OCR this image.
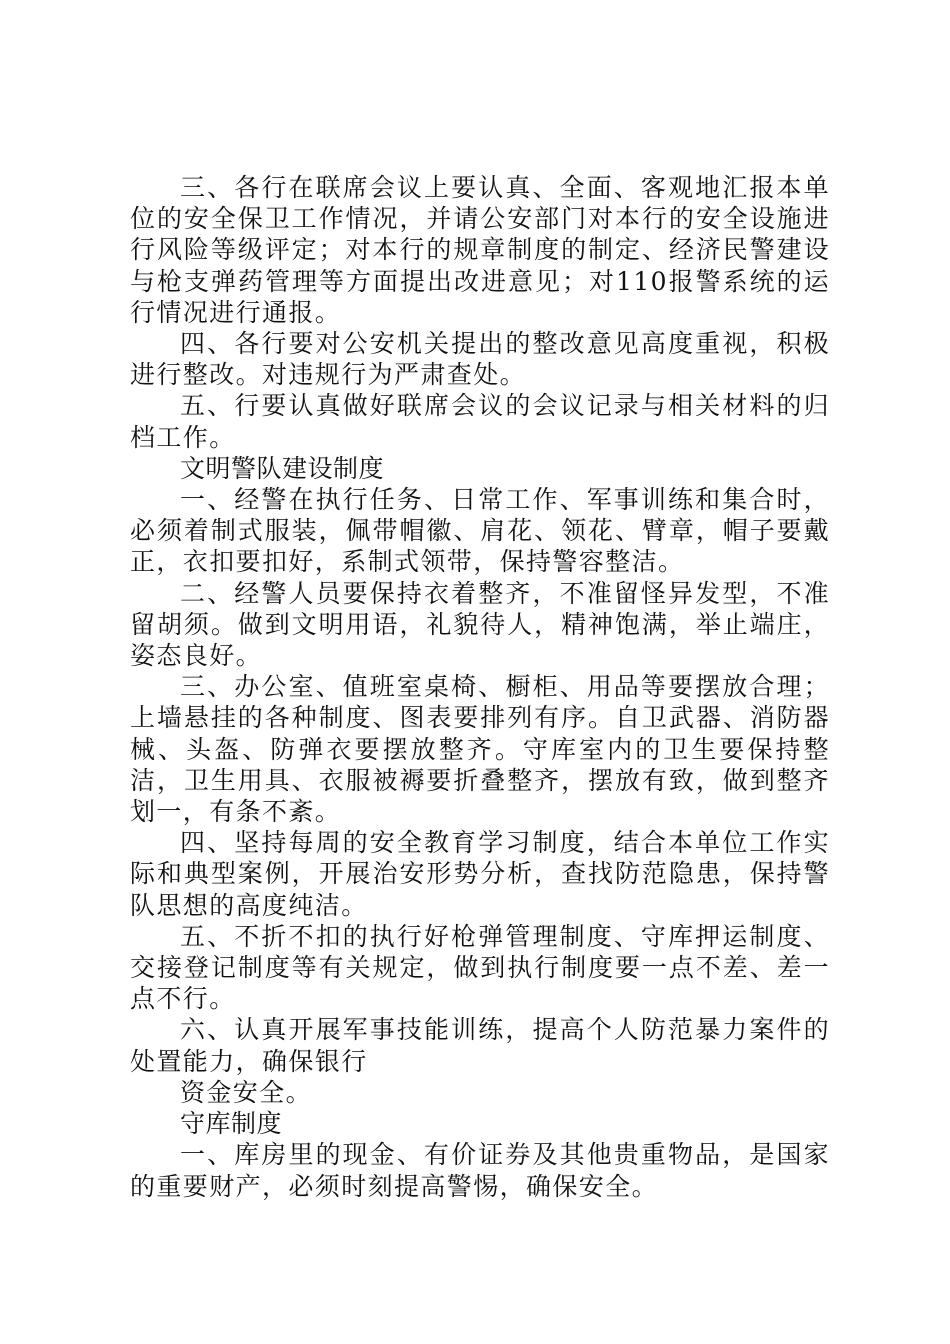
三、各行在联席会议上要认真、全面、客观地汇报本单位的安全保卫工作情况，并请公安部门对本行的安全设施进行风险等级评定；对本行的规章制度的制定、经济民警建设与枪支弹药管理等方面提出改进意见；对110报警系统的运行情况进行通报。

四、各行要对公安机关提出的整改意见高度重视，积极进行整改。对违规行为严肃查处。

五、行要认真做好联席会议的会议记录与相关材料的归档工作。

文明警队建设制度

一、经警在执行任务、日常工作、军事训练和集合时，必须着制式服装，佩带帽徽、肩花、领花、臂章，帽子要戴正，衣扣要扣好，系制式领带，保持警容整洁。

二、经警人员要保持衣着整齐，不准留怪异发型，不准留胡须。做到文明用语，礼貌待人，精神饱满，举止端庄，姿态良好。

三、办公室、值班室桌椅、橱柜、用品等要摆放合理；上墙悬挂的各种制度、图表要排列有序。自卫武器、消防器械、头盔、防弹衣要摆放整齐。守库室内的卫生要保持整洁，卫生用具、衣服被褥要折叠整齐，摆放有致，做到整齐划一，有条不紊。

四、坚持每周的安全教育学习制度，结合本单位工作实际和典型案例，开展治安形势分析，查找防范隐患，保持警队思想的高度纯洁。

五、不折不扣的执行好枪弹管理制度、守库押运制度、交接登记制度等有关规定，做到执行制度要一点不差、差一点不行。

六、认真开展军事技能训练，提高个人防范暴力案件的处置能力，确保银行

资金安全。

守库制度

一、库房里的现金、有价证券及其他贵重物品，是国家的重要财产，必须时刻提高警惕，确保安全。
